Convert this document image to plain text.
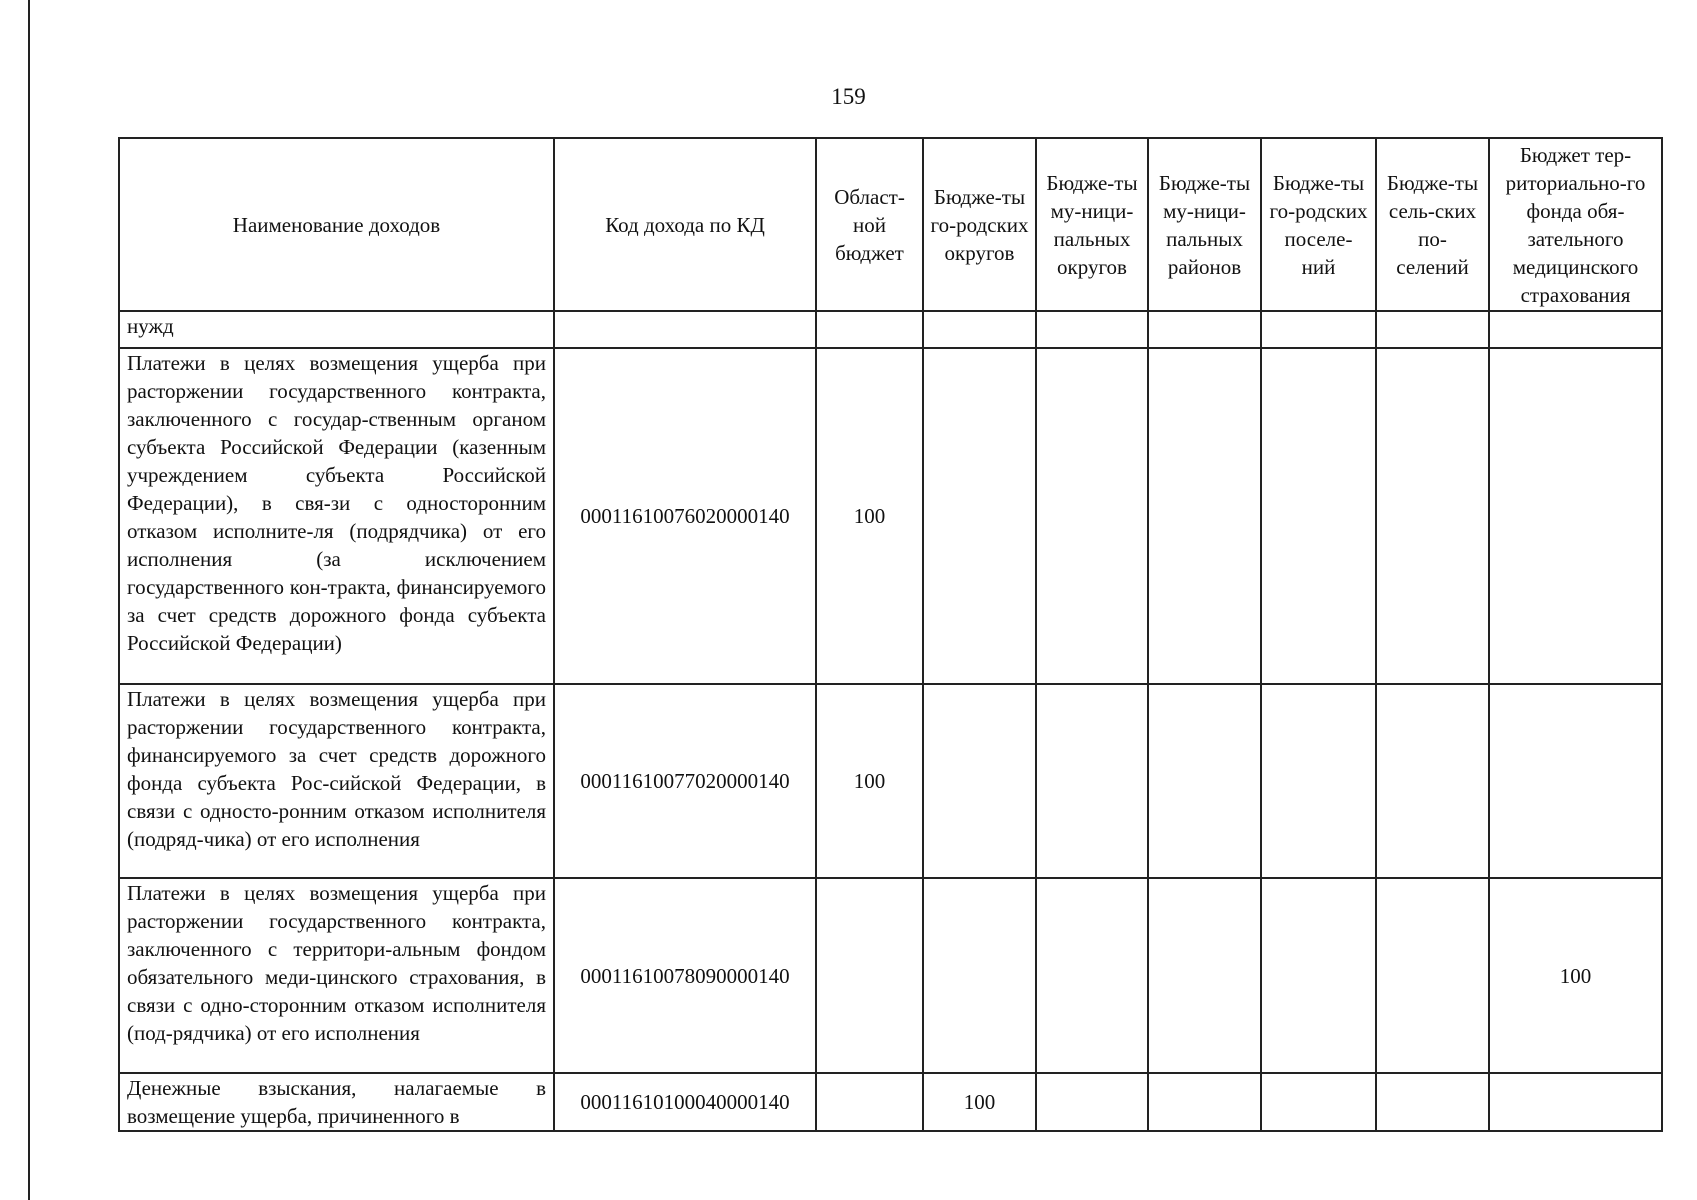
159
Наименование доходов	Код дохода по КД	Област-ной бюджет	Бюдже-ты го-родских округов	Бюдже-ты му-ници-пальных округов	Бюдже-ты му-ници-пальных районов	Бюдже-ты го-родских поселе-ний	Бюдже-ты сель-ских по-селений	Бюджет тер-риториально-го фонда обя-зательного медицинского страхования
нужд								
Платежи в целях возмещения ущерба при расторжении государственного контракта, заключенного с государ-ственным органом субъекта Российской Федерации (казенным учреждением субъекта Российской Федерации), в свя-зи с односторонним отказом исполните-ля (подрядчика) от его исполнения (за исключением государственного кон-тракта, финансируемого за счет средств дорожного фонда субъекта Российской Федерации)	00011610076020000140	100						
Платежи в целях возмещения ущерба при расторжении государственного контракта, финансируемого за счет средств дорожного фонда субъекта Рос-сийской Федерации, в связи с односто-ронним отказом исполнителя (подряд-чика) от его исполнения	00011610077020000140	100						
Платежи в целях возмещения ущерба при расторжении государственного контракта, заключенного с территори-альным фондом обязательного меди-цинского страхования, в связи с одно-сторонним отказом исполнителя (под-рядчика) от его исполнения	00011610078090000140							100
Денежные взыскания, налагаемые в возмещение ущерба, причиненного в	00011610100040000140		100					
